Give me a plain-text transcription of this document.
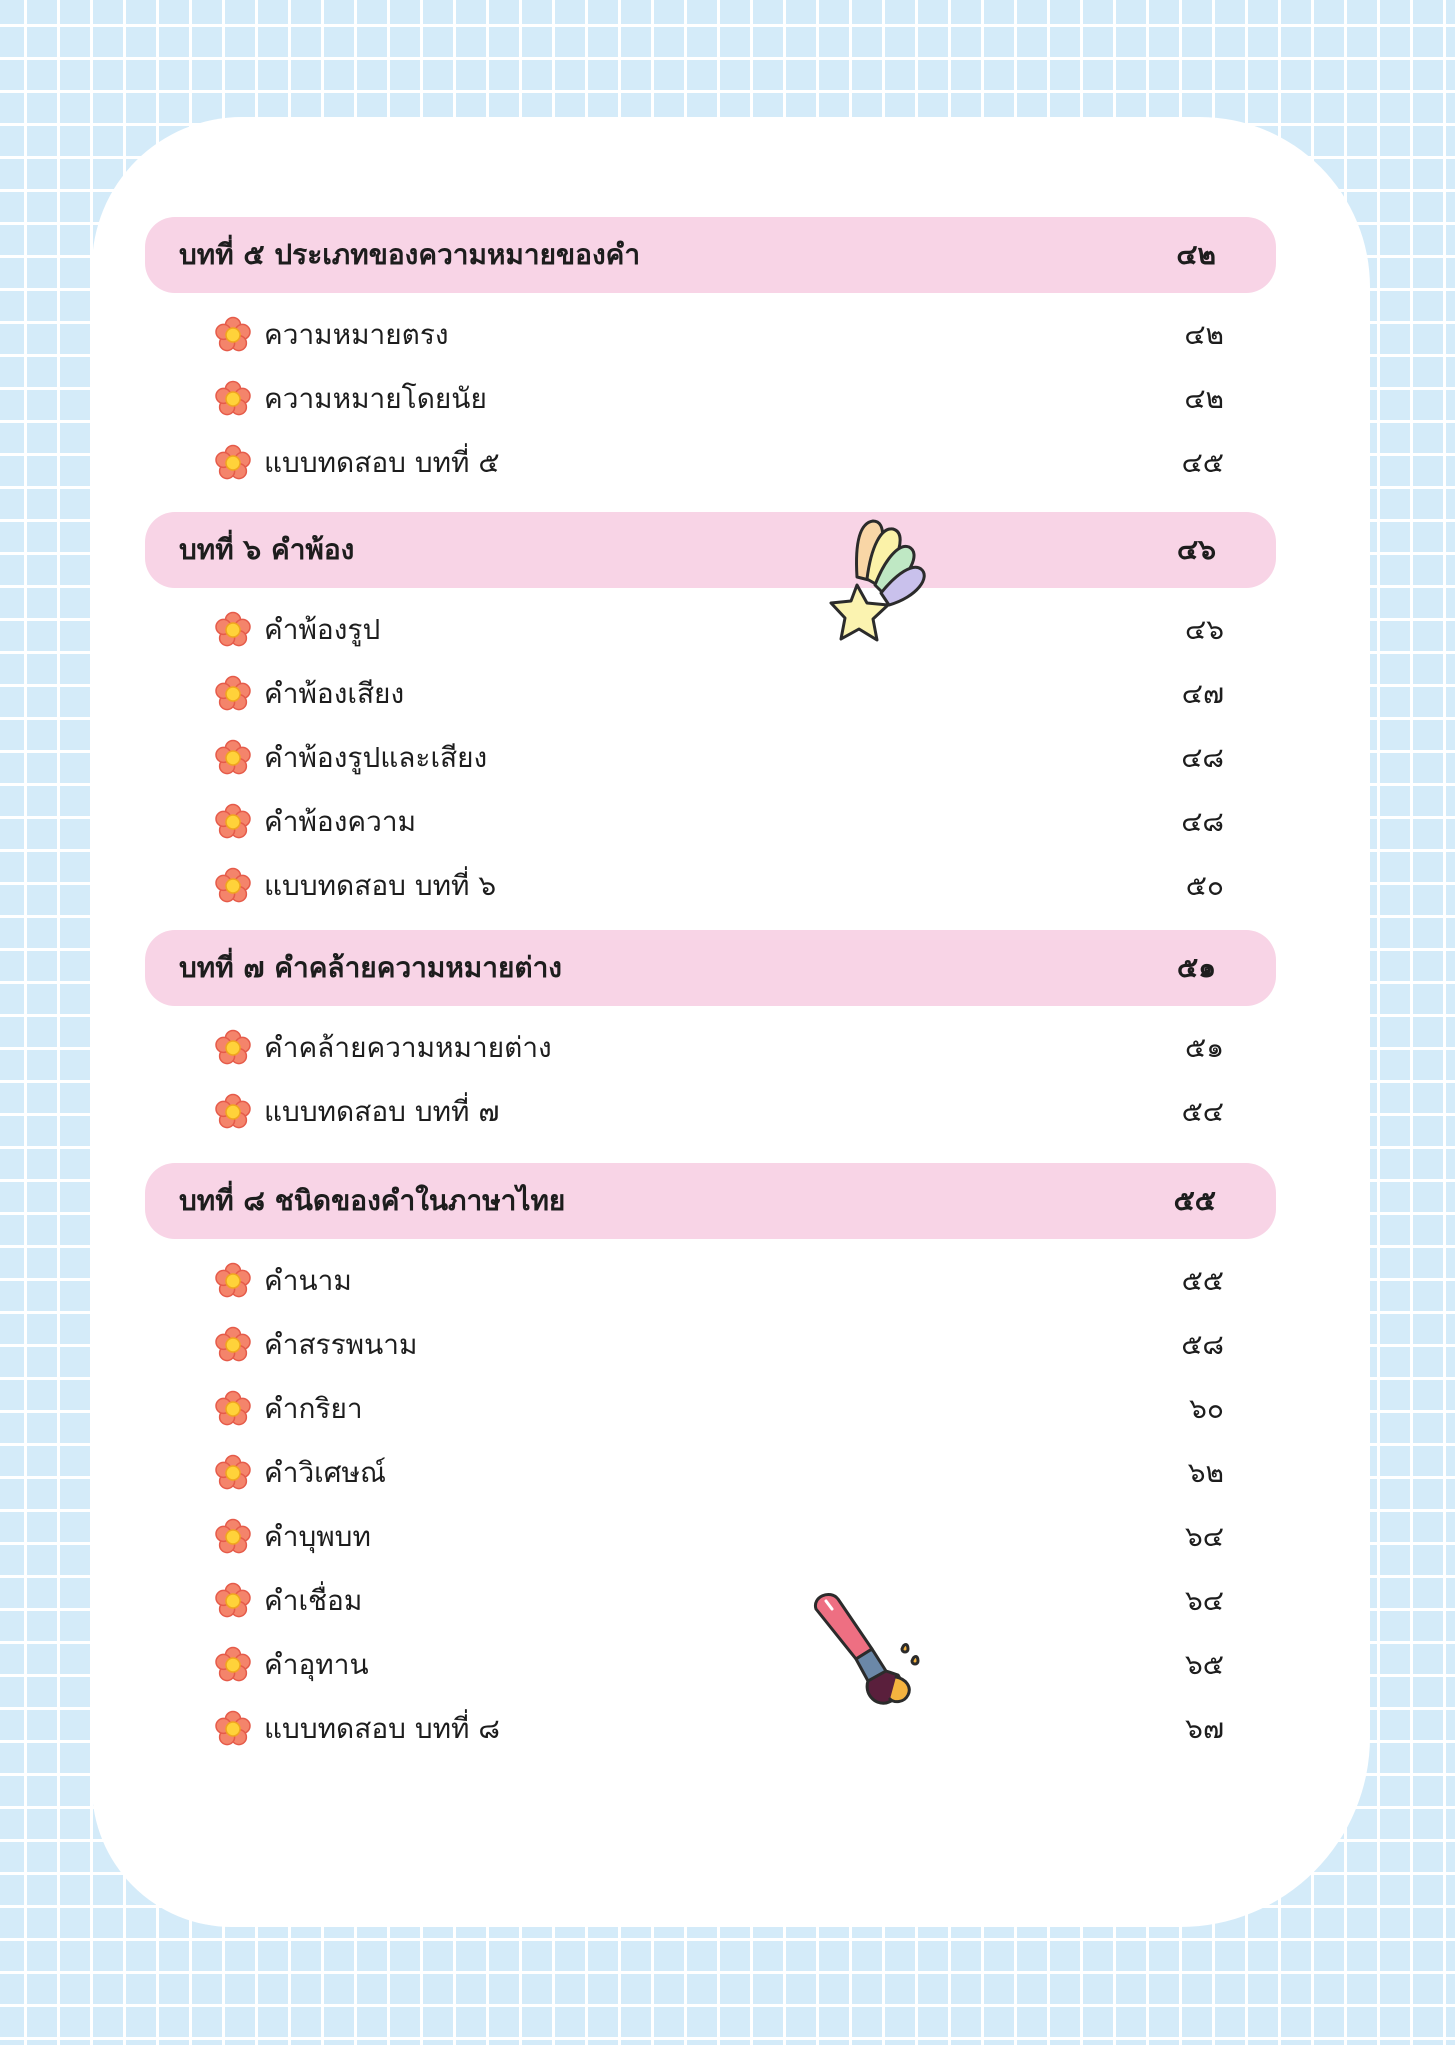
บทที่ ๕ ประเภทของความหมายของคำ	๔๒
ความหมายตรง	๔๒
ความหมายโดยนัย	๔๒
แบบทดสอบ บทที่ ๕	๔๕
บทที่ ๖ คำพ้อง	๔๖
คำพ้องรูป	๔๖
คำพ้องเสียง	๔๗
คำพ้องรูปและเสียง	๔๘
คำพ้องความ	๔๘
แบบทดสอบ บทที่ ๖	๕๐
บทที่ ๗ คำคล้ายความหมายต่าง	๕๑
คำคล้ายความหมายต่าง	๕๑
แบบทดสอบ บทที่ ๗	๕๔
บทที่ ๘ ชนิดของคำในภาษาไทย	๕๕
คำนาม	๕๕
คำสรรพนาม	๕๘
คำกริยา	๖๐
คำวิเศษณ์	๖๒
คำบุพบท	๖๔
คำเชื่อม	๖๔
คำอุทาน	๖๕
แบบทดสอบ บทที่ ๘	๖๗
